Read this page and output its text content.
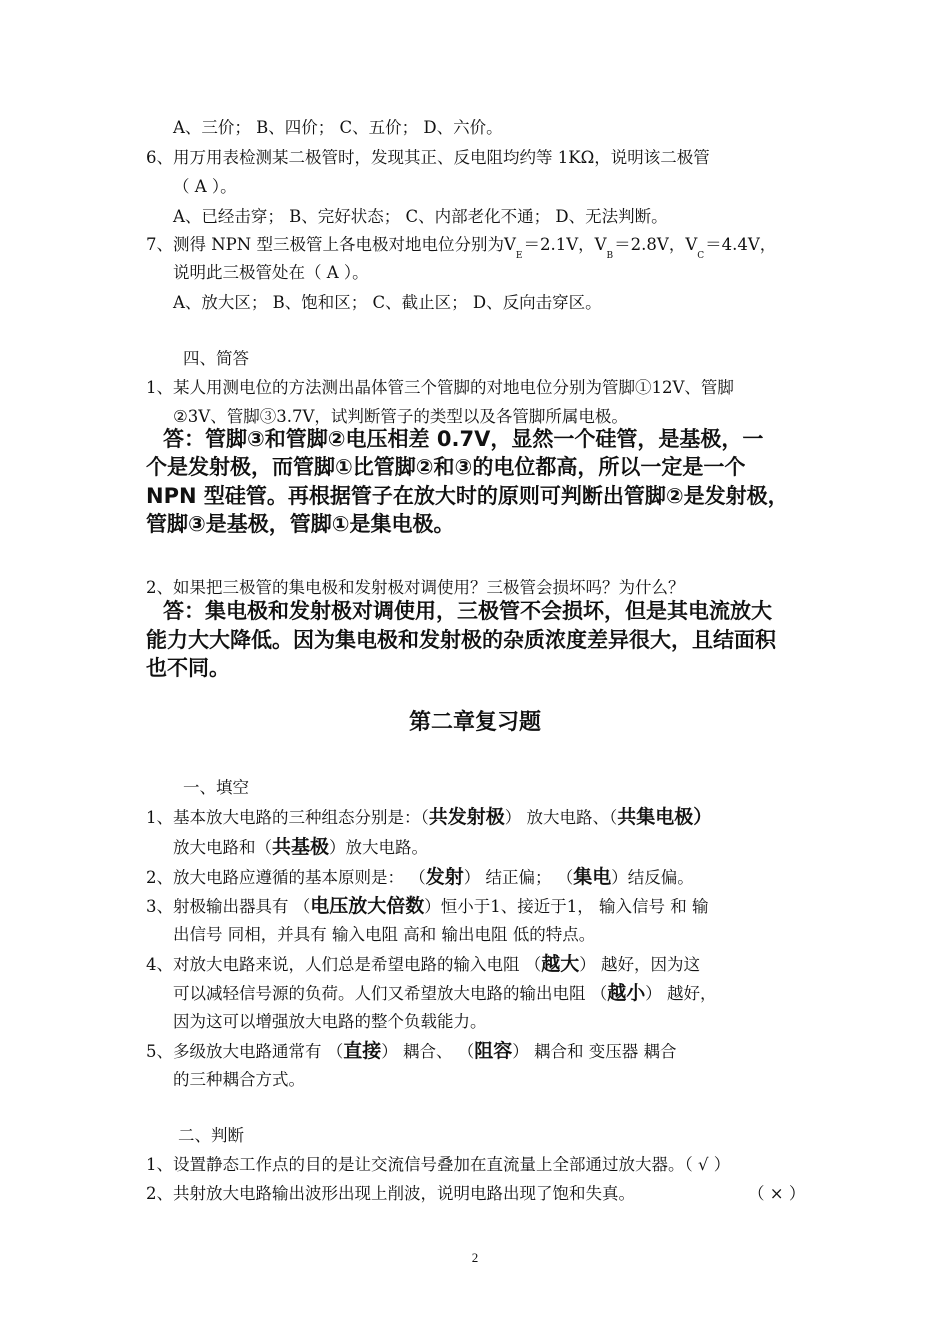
A、三价； B、四价； C、五价； D、六价。
6、用万用表检测某二极管时，发现其正、反电阻均约等 1KΩ，说明该二极管
（ A ）。
A、已经击穿； B、完好状态； C、内部老化不通； D、无法判断。
7、测得 NPN 型三极管上各电极对地电位分别为$V_E=2.1V$，$V_B=2.8V$，$V_C=4.4V$，
说明此三极管处在（ A ）。
A、放大区； B、饱和区； C、截止区； D、反向击穿区。
四、简答
1、某人用测电位的方法测出晶体管三个管脚的对地电位分别为管脚①12V、管脚
②3V、管脚③3.7V，试判断管子的类型以及各管脚所属电极。
答：管脚③和管脚②电压相差 0.7V，显然一个硅管，是基极，一
个是发射极，而管脚①比管脚②和③的电位都高，所以一定是一个
NPN 型硅管。再根据管子在放大时的原则可判断出管脚②是发射极，
管脚③是基极，管脚①是集电极。
2、如果把三极管的集电极和发射极对调使用？三极管会损坏吗？为什么？
答：集电极和发射极对调使用，三极管不会损坏，但是其电流放大
能力大大降低。因为集电极和发射极的杂质浓度差异很大，且结面积
也不同。
第二章复习题
一、填空
1、基本放大电路的三种组态分别是：（共发射极） 放大电路、（共集电极）
放大电路和（共基极）放大电路。
2、放大电路应遵循的基本原则是： （发射） 结正偏； （集电）结反偏。
3、射极输出器具有 （电压放大倍数）恒小于1、接近于1， 输入信号 和 输
出信号 同相，并具有 输入电阻 高和 输出电阻 低的特点。
4、对放大电路来说，人们总是希望电路的输入电阻 （越大） 越好，因为这
可以减轻信号源的负荷。人们又希望放大电路的输出电阻 （越小） 越好，
因为这可以增强放大电路的整个负载能力。
5、多级放大电路通常有 （直接） 耦合、 （阻容） 耦合和 变压器 耦合
的三种耦合方式。
二、判断
1、设置静态工作点的目的是让交流信号叠加在直流量上全部通过放大器。（ √ ）
2、共射放大电路输出波形出现上削波，说明电路出现了饱和失真。	（ × ）
2
